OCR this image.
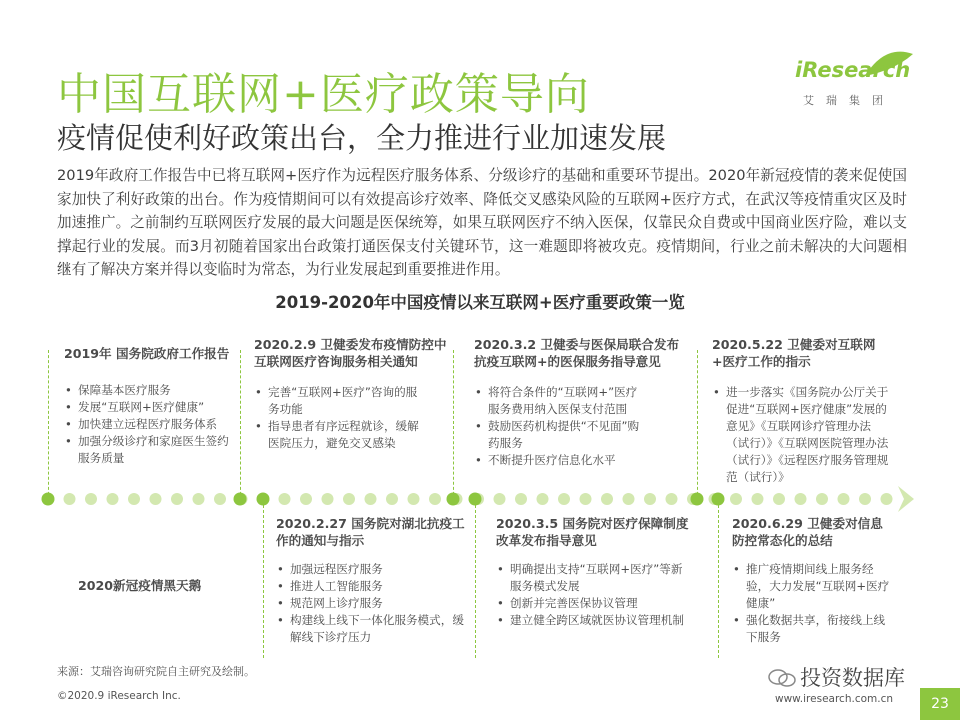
中国互联网+医疗政策导向
疫情促使利好政策出台，全力推进行业加速发展
iResearch
艾瑞集团
2019年政府工作报告中已将互联网+医疗作为远程医疗服务体系、分级诊疗的基础和重要环节提出。2020年新冠疫情的袭来促使国家加快了利好政策的出台。作为疫情期间可以有效提高诊疗效率、降低交叉感染风险的互联网+医疗方式，在武汉等疫情重灾区及时加速推广。之前制约互联网医疗发展的最大问题是医保统筹，如果互联网医疗不纳入医保，仅靠民众自费或中国商业医疗险，难以支撑起行业的发展。而3月初随着国家出台政策打通医保支付关键环节，这一难题即将被攻克。疫情期间，行业之前未解决的大问题相继有了解决方案并得以变临时为常态，为行业发展起到重要推进作用。
2019-2020年中国疫情以来互联网+医疗重要政策一览
2019年 国务院政府工作报告
• 保障基本医疗服务
• 发展“互联网+医疗健康”
• 加快建立远程医疗服务体系
• 加强分级诊疗和家庭医生签约服务质量
2020.2.9 卫健委发布疫情防控中互联网医疗咨询服务相关通知
• 完善“互联网+医疗”咨询的服务功能
• 指导患者有序远程就诊，缓解医院压力，避免交叉感染
2020.3.2 卫健委与医保局联合发布抗疫互联网+的医保服务指导意见
• 将符合条件的“互联网+”医疗服务费用纳入医保支付范围
• 鼓励医药机构提供“不见面”购药服务
• 不断提升医疗信息化水平
2020.5.22 卫健委对互联网+医疗工作的指示
• 进一步落实《国务院办公厅关于促进“互联网+医疗健康”发展的意见》《互联网诊疗管理办法（试行）》《互联网医院管理办法（试行）》《远程医疗服务管理规范（试行）》
2020新冠疫情黑天鹅
2020.2.27 国务院对湖北抗疫工作的通知与指示
• 加强远程医疗服务
• 推进人工智能服务
• 规范网上诊疗服务
• 构建线上线下一体化服务模式，缓解线下诊疗压力
2020.3.5 国务院对医疗保障制度改革发布指导意见
• 明确提出支持“互联网+医疗”等新服务模式发展
• 创新并完善医保协议管理
• 建立健全跨区域就医协议管理机制
2020.6.29 卫健委对信息防控常态化的总结
• 推广疫情期间线上服务经验，大力发展“互联网+医疗健康”
• 强化数据共享，衔接线上线下服务
来源：艾瑞咨询研究院自主研究及绘制。
©2020.9 iResearch Inc.
投资数据库
www.iresearch.com.cn	23
